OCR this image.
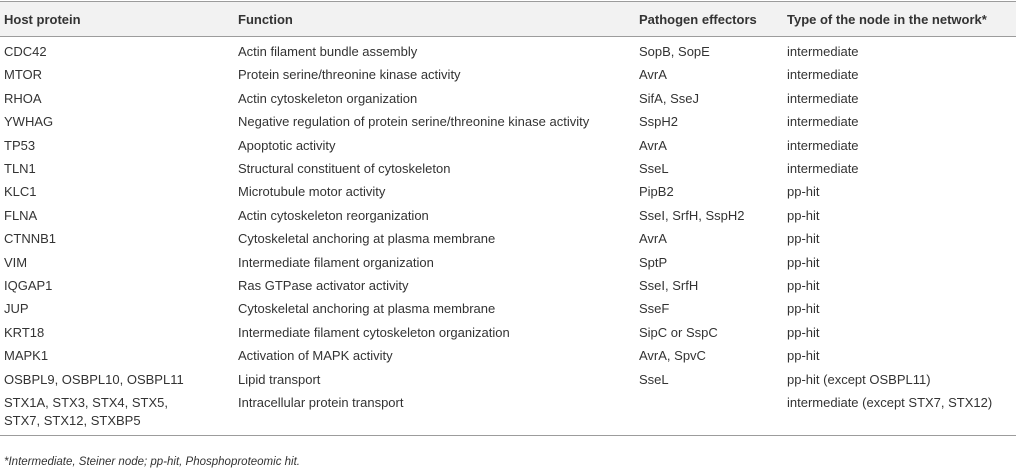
Host protein	Function	Pathogen effectors	Type of the node in the network*
CDC42	Actin filament bundle assembly	SopB, SopE	intermediate
MTOR	Protein serine/threonine kinase activity	AvrA	intermediate
RHOA	Actin cytoskeleton organization	SifA, SseJ	intermediate
YWHAG	Negative regulation of protein serine/threonine kinase activity	SspH2	intermediate
TP53	Apoptotic activity	AvrA	intermediate
TLN1	Structural constituent of cytoskeleton	SseL	intermediate
KLC1	Microtubule motor activity	PipB2	pp-hit
FLNA	Actin cytoskeleton reorganization	SseI, SrfH, SspH2	pp-hit
CTNNB1	Cytoskeletal anchoring at plasma membrane	AvrA	pp-hit
VIM	Intermediate filament organization	SptP	pp-hit
IQGAP1	Ras GTPase activator activity	SseI, SrfH	pp-hit
JUP	Cytoskeletal anchoring at plasma membrane	SseF	pp-hit
KRT18	Intermediate filament cytoskeleton organization	SipC or SspC	pp-hit
MAPK1	Activation of MAPK activity	AvrA, SpvC	pp-hit
OSBPL9, OSBPL10, OSBPL11	Lipid transport	SseL	pp-hit (except OSBPL11)
STX1A, STX3, STX4, STX5,
STX7, STX12, STXBP5	Intracellular protein transport		intermediate (except STX7, STX12)
*Intermediate, Steiner node; pp-hit, Phosphoproteomic hit.
